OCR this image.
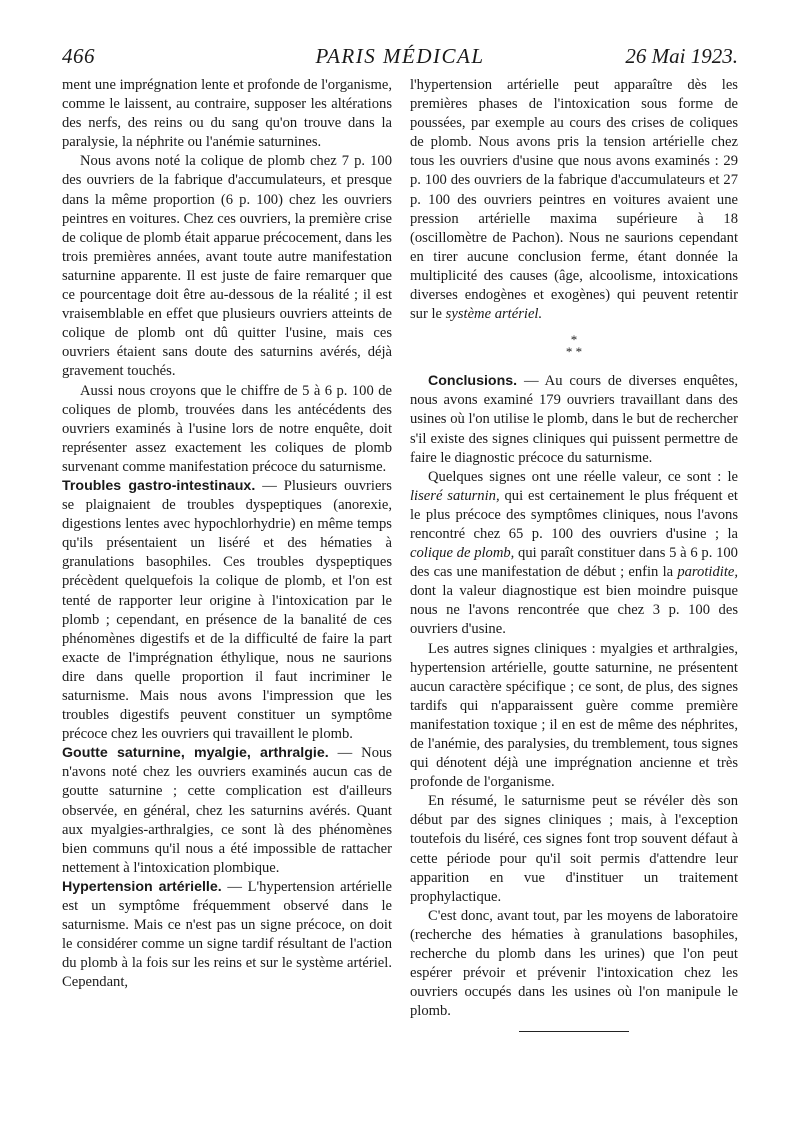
466	PARIS MÉDICAL	26 Mai 1923.

ment une imprégnation lente et profonde de l'organisme, comme le laissent, au contraire, supposer les altérations des nerfs, des reins ou du sang qu'on trouve dans la paralysie, la néphrite ou l'anémie saturnines.

Nous avons noté la colique de plomb chez 7 p. 100 des ouvriers de la fabrique d'accumulateurs, et presque dans la même proportion (6 p. 100) chez les ouvriers peintres en voitures. Chez ces ouvriers, la première crise de colique de plomb était apparue précocement, dans les trois premières années, avant toute autre manifestation saturnine apparente. Il est juste de faire remarquer que ce pourcentage doit être au-dessous de la réalité ; il est vraisemblable en effet que plusieurs ouvriers atteints de colique de plomb ont dû quitter l'usine, mais ces ouvriers étaient sans doute des saturnins avérés, déjà gravement touchés.

Aussi nous croyons que le chiffre de 5 à 6 p. 100 de coliques de plomb, trouvées dans les antécédents des ouvriers examinés à l'usine lors de notre enquête, doit représenter assez exactement les coliques de plomb survenant comme manifestation précoce du saturnisme.

Troubles gastro-intestinaux. — Plusieurs ouvriers se plaignaient de troubles dyspeptiques (anorexie, digestions lentes avec hypochlorhydrie) en même temps qu'ils présentaient un liséré et des hématies à granulations basophiles. Ces troubles dyspeptiques précèdent quelquefois la colique de plomb, et l'on est tenté de rapporter leur origine à l'intoxication par le plomb ; cependant, en présence de la banalité de ces phénomènes digestifs et de la difficulté de faire la part exacte de l'imprégnation éthylique, nous ne saurions dire dans quelle proportion il faut incriminer le saturnisme. Mais nous avons l'impression que les troubles digestifs peuvent constituer un symptôme précoce chez les ouvriers qui travaillent le plomb.

Goutte saturnine, myalgie, arthralgie. — Nous n'avons noté chez les ouvriers examinés aucun cas de goutte saturnine ; cette complication est d'ailleurs observée, en général, chez les saturnins avérés. Quant aux myalgies-arthralgies, ce sont là des phénomènes bien communs qu'il nous a été impossible de rattacher nettement à l'intoxication plombique.

Hypertension artérielle. — L'hypertension artérielle est un symptôme fréquemment observé dans le saturnisme. Mais ce n'est pas un signe précoce, on doit le considérer comme un signe tardif résultant de l'action du plomb à la fois sur les reins et sur le système artériel. Cependant,

l'hypertension artérielle peut apparaître dès les premières phases de l'intoxication sous forme de poussées, par exemple au cours des crises de coliques de plomb. Nous avons pris la tension artérielle chez tous les ouvriers d'usine que nous avons examinés : 29 p. 100 des ouvriers de la fabrique d'accumulateurs et 27 p. 100 des ouvriers peintres en voitures avaient une pression artérielle maxima supérieure à 18 (oscillomètre de Pachon). Nous ne saurions cependant en tirer aucune conclusion ferme, étant donnée la multiplicité des causes (âge, alcoolisme, intoxications diverses endogènes et exogènes) qui peuvent retentir sur le système artériel.

*
* *

Conclusions. — Au cours de diverses enquêtes, nous avons examiné 179 ouvriers travaillant dans des usines où l'on utilise le plomb, dans le but de rechercher s'il existe des signes cliniques qui puissent permettre de faire le diagnostic précoce du saturnisme.

Quelques signes ont une réelle valeur, ce sont : le liseré saturnin, qui est certainement le plus fréquent et le plus précoce des symptômes cliniques, nous l'avons rencontré chez 65 p. 100 des ouvriers d'usine ; la colique de plomb, qui paraît constituer dans 5 à 6 p. 100 des cas une manifestation de début ; enfin la parotidite, dont la valeur diagnostique est bien moindre puisque nous ne l'avons rencontrée que chez 3 p. 100 des ouvriers d'usine.

Les autres signes cliniques : myalgies et arthralgies, hypertension artérielle, goutte saturnine, ne présentent aucun caractère spécifique ; ce sont, de plus, des signes tardifs qui n'apparaissent guère comme première manifestation toxique ; il en est de même des néphrites, de l'anémie, des paralysies, du tremblement, tous signes qui dénotent déjà une imprégnation ancienne et très profonde de l'organisme.

En résumé, le saturnisme peut se révéler dès son début par des signes cliniques ; mais, à l'exception toutefois du liséré, ces signes font trop souvent défaut à cette période pour qu'il soit permis d'attendre leur apparition en vue d'instituer un traitement prophylactique.

C'est donc, avant tout, par les moyens de laboratoire (recherche des hématies à granulations basophiles, recherche du plomb dans les urines) que l'on peut espérer prévoir et prévenir l'intoxication chez les ouvriers occupés dans les usines où l'on manipule le plomb.
